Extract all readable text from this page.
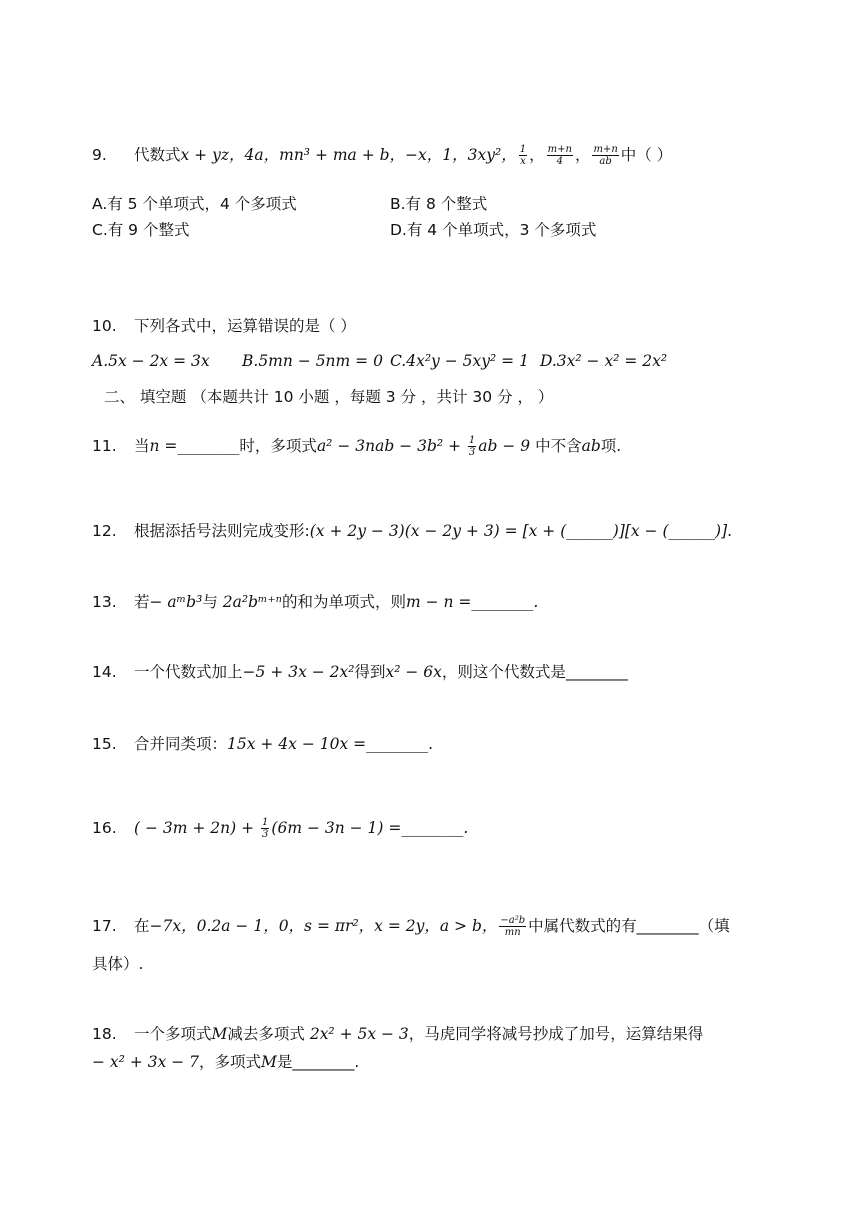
9. 代数式x + yz，4a，mn³ + ma + b，−x，1，3xy²， $\frac{1}{x}$ ， $\frac{m+n}{4}$ ， $\frac{m+n}{ab}$ 中（ ）
A.有 5 个单项式，4 个多项式	B.有 8 个整式
C.有 9 个整式	D.有 4 个单项式，3 个多项式
10. 下列各式中，运算错误的是（ ）
A.5x − 2x = 3x B.5mn − 5nm = 0 C.4x²y − 5xy² = 1 D.3x² − x² = 2x²
二、 填空题 （本题共计 10 小题 ，每题 3 分 ，共计 30 分 ， ）
11. 当n =________时，多项式$a^2 - 3nab - 3b^2 + \frac{1}{3}$ ab − 9 中不含ab项.
12. 根据添括号法则完成变形:(x + 2y − 3)(x − 2y + 3) = [x + (______)][x − (______)].
13. 若− aᵐb³与 2a²bᵐ⁺ⁿ的和为单项式，则m − n =________.
14. 一个代数式加上−5 + 3x − 2x²得到x² − 6x，则这个代数式是________
15. 合并同类项：15x + 4x − 10x =________.
16. ( − $3m + 2n) + \frac{1}{3} (6m - 3n - 1)$ =________.
17. 在−7x，0.2a − 1，0，s = πr²，x = 2y，a > b， $\frac{\text{−a²b}}{mn}$ 中属代数式的有________（填
具体）.
18. 一个多项式M减去多项式 2x² + 5x − 3，马虎同学将减号抄成了加号，运算结果得
− x² + 3x − 7，多项式M是________.
